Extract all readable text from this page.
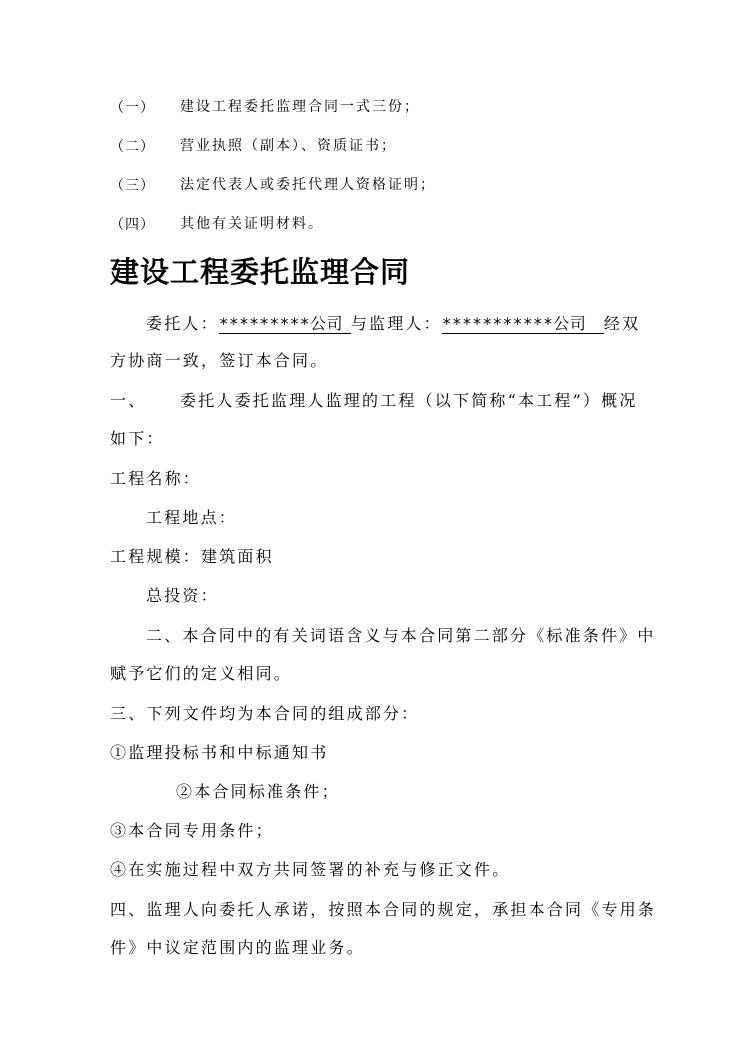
（一） 建设工程委托监理合同一式三份；
（二） 营业执照（副本）、资质证书；
（三） 法定代表人或委托代理人资格证明；
（四） 其他有关证明材料。
建设工程委托监理合同
委托人：*********公司 与监理人：***********公司 经双
方协商一致，签订本合同。
一、 委托人委托监理人监理的工程（以下简称“本工程”）概况
如下：
工程名称：
工程地点：
工程规模：建筑面积
总投资：
二、本合同中的有关词语含义与本合同第二部分《标准条件》中
赋予它们的定义相同。
三、下列文件均为本合同的组成部分：
①监理投标书和中标通知书
②本合同标准条件；
③本合同专用条件；
④在实施过程中双方共同签署的补充与修正文件。
四、监理人向委托人承诺，按照本合同的规定，承担本合同《专用条
件》中议定范围内的监理业务。
